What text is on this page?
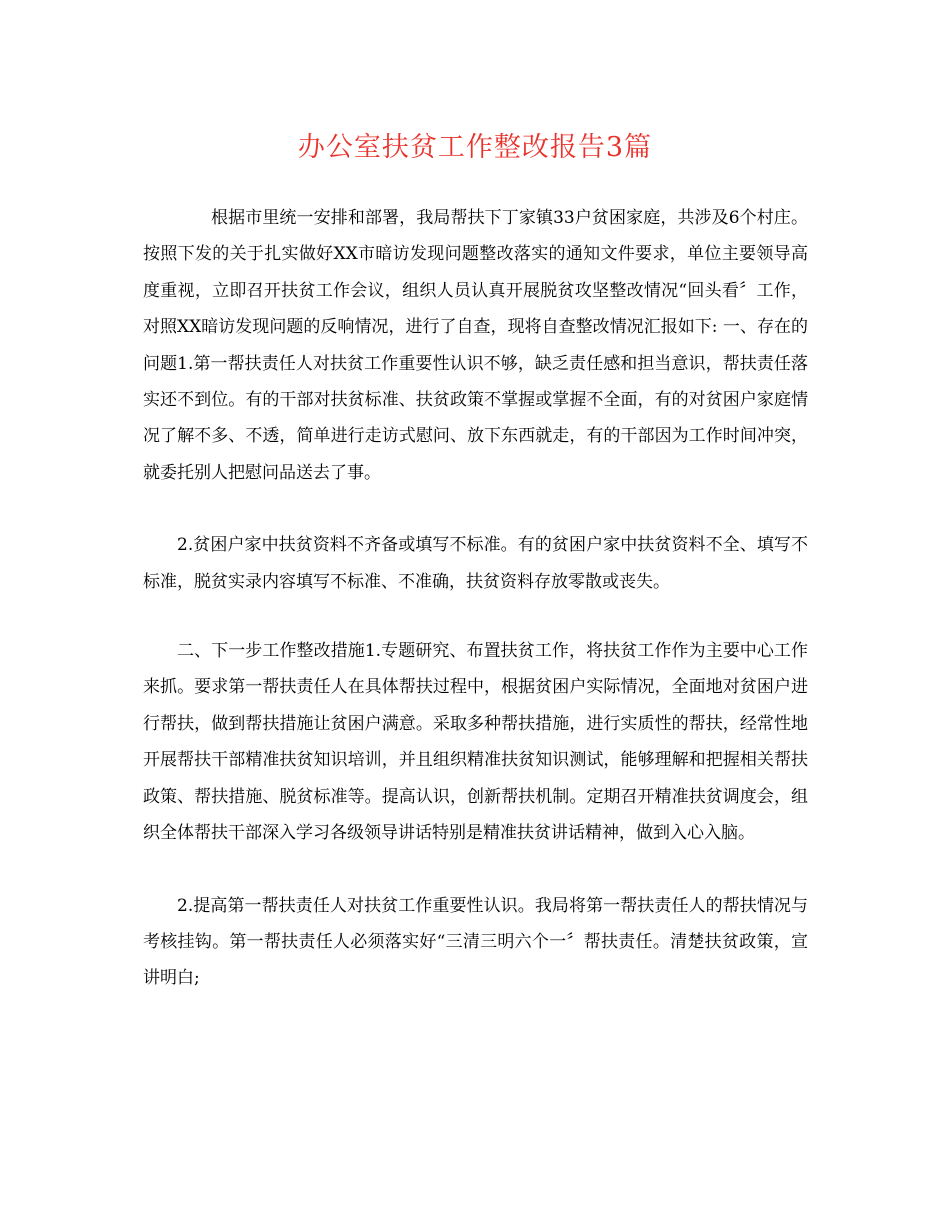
办公室扶贫工作整改报告3篇

根据市里统一安排和部署，我局帮扶下丁家镇33户贫困家庭，共涉及6个村庄。按照下发的关于扎实做好XX市暗访发现问题整改落实的通知文件要求，单位主要领导高度重视，立即召开扶贫工作会议，组织人员认真开展脱贫攻坚整改情况“回头看〞工作，对照XX暗访发现问题的反响情况，进行了自查，现将自查整改情况汇报如下: 一、存在的问题1.第一帮扶责任人对扶贫工作重要性认识不够，缺乏责任感和担当意识，帮扶责任落实还不到位。有的干部对扶贫标准、扶贫政策不掌握或掌握不全面，有的对贫困户家庭情况了解不多、不透，简单进行走访式慰问、放下东西就走，有的干部因为工作时间冲突，就委托别人把慰问品送去了事。

2.贫困户家中扶贫资料不齐备或填写不标准。有的贫困户家中扶贫资料不全、填写不标准，脱贫实录内容填写不标准、不准确，扶贫资料存放零散或丧失。

二、下一步工作整改措施1.专题研究、布置扶贫工作，将扶贫工作作为主要中心工作来抓。要求第一帮扶责任人在具体帮扶过程中，根据贫困户实际情况，全面地对贫困户进行帮扶，做到帮扶措施让贫困户满意。采取多种帮扶措施，进行实质性的帮扶，经常性地开展帮扶干部精准扶贫知识培训，并且组织精准扶贫知识测试，能够理解和把握相关帮扶政策、帮扶措施、脱贫标准等。提高认识，创新帮扶机制。定期召开精准扶贫调度会，组织全体帮扶干部深入学习各级领导讲话特别是精准扶贫讲话精神，做到入心入脑。

2.提高第一帮扶责任人对扶贫工作重要性认识。我局将第一帮扶责任人的帮扶情况与考核挂钩。第一帮扶责任人必须落实好“三清三明六个一〞帮扶责任。清楚扶贫政策，宣讲明白;
